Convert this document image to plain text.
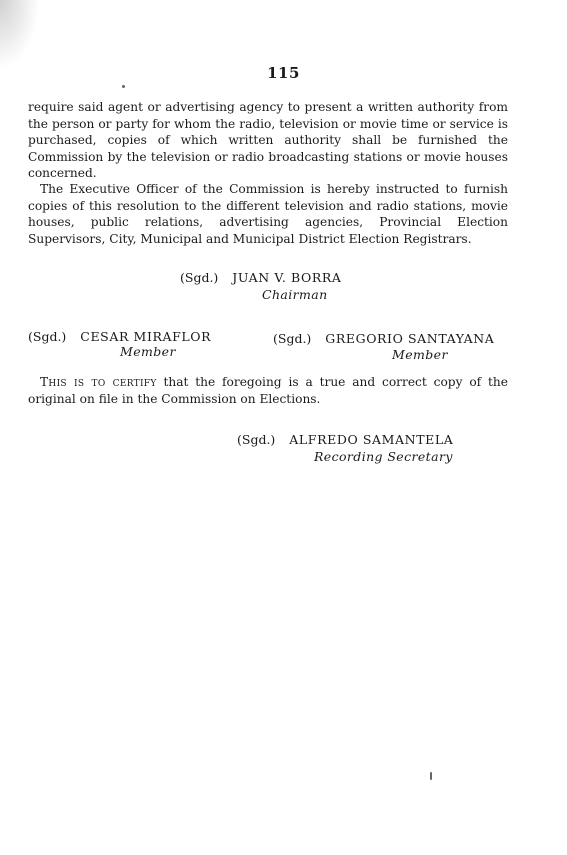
115
require said agent or advertising agency to present a written authority from the person or party for whom the radio, television or movie time or service is purchased, copies of which written authority shall be furnished the Commission by the television or radio broadcasting stations or movie houses concerned.
The Executive Officer of the Commission is hereby instructed to furnish copies of this resolution to the different television and radio stations, movie houses, public relations, advertising agencies, Provincial Election Supervisors, City, Municipal and Municipal District Election Registrars.
(Sgd.) JUAN V. BORRA
Chairman
(Sgd.) CESAR MIRAFLOR
Member
(Sgd.) GREGORIO SANTAYANA
Member
This is to certify that the foregoing is a true and correct copy of the original on file in the Commission on Elections.
(Sgd.) ALFREDO SAMANTELA
Recording Secretary
